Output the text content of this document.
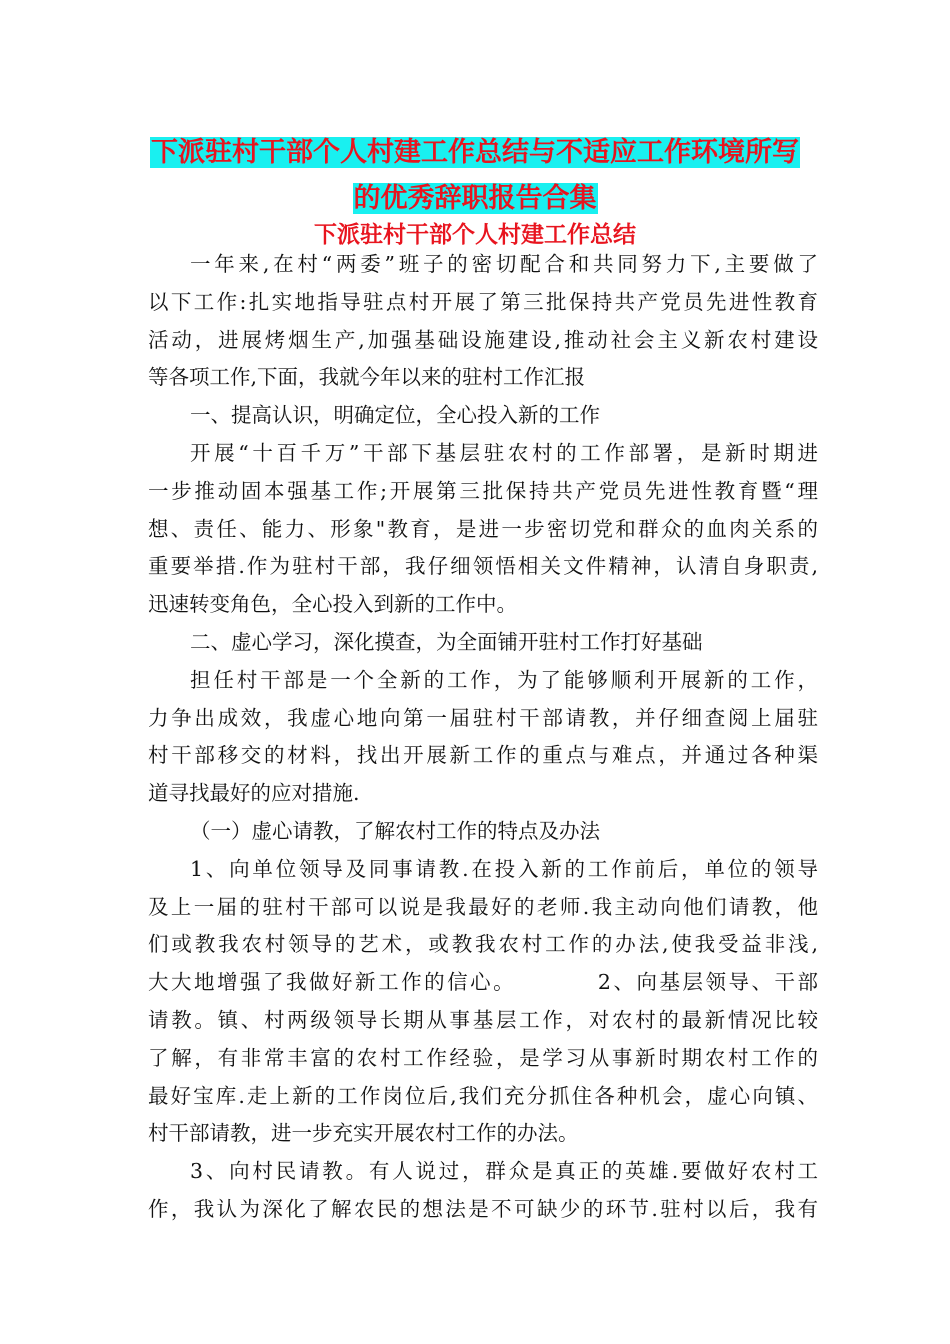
下派驻村干部个人村建工作总结与不适应工作环境所写
的优秀辞职报告合集
下派驻村干部个人村建工作总结
一年来,在村“两委”班子的密切配合和共同努力下,主要做了
以下工作:扎实地指导驻点村开展了第三批保持共产党员先进性教育
活动，进展烤烟生产,加强基础设施建设,推动社会主义新农村建设
等各项工作,下面，我就今年以来的驻村工作汇报
一、提高认识，明确定位，全心投入新的工作
开展“十百千万”干部下基层驻农村的工作部署，是新时期进
一步推动固本强基工作;开展第三批保持共产党员先进性教育暨“理
想、责任、能力、形象"教育，是进一步密切党和群众的血肉关系的
重要举措.作为驻村干部，我仔细领悟相关文件精神，认清自身职责,
迅速转变角色，全心投入到新的工作中。
二、虚心学习，深化摸查，为全面铺开驻村工作打好基础
担任村干部是一个全新的工作，为了能够顺利开展新的工作，
力争出成效，我虚心地向第一届驻村干部请教，并仔细查阅上届驻
村干部移交的材料，找出开展新工作的重点与难点，并通过各种渠
道寻找最好的应对措施.
（一）虚心请教，了解农村工作的特点及办法
1、向单位领导及同事请教.在投入新的工作前后，单位的领导
及上一届的驻村干部可以说是我最好的老师.我主动向他们请教，他
们或教我农村领导的艺术，或教我农村工作的办法,使我受益非浅,
大大地增强了我做好新工作的信心。　　　　2、向基层领导、干部
请教。镇、村两级领导长期从事基层工作，对农村的最新情况比较
了解，有非常丰富的农村工作经验，是学习从事新时期农村工作的
最好宝库.走上新的工作岗位后,我们充分抓住各种机会，虚心向镇、
村干部请教，进一步充实开展农村工作的办法。
3、向村民请教。有人说过，群众是真正的英雄.要做好农村工
作，我认为深化了解农民的想法是不可缺少的环节.驻村以后，我有
